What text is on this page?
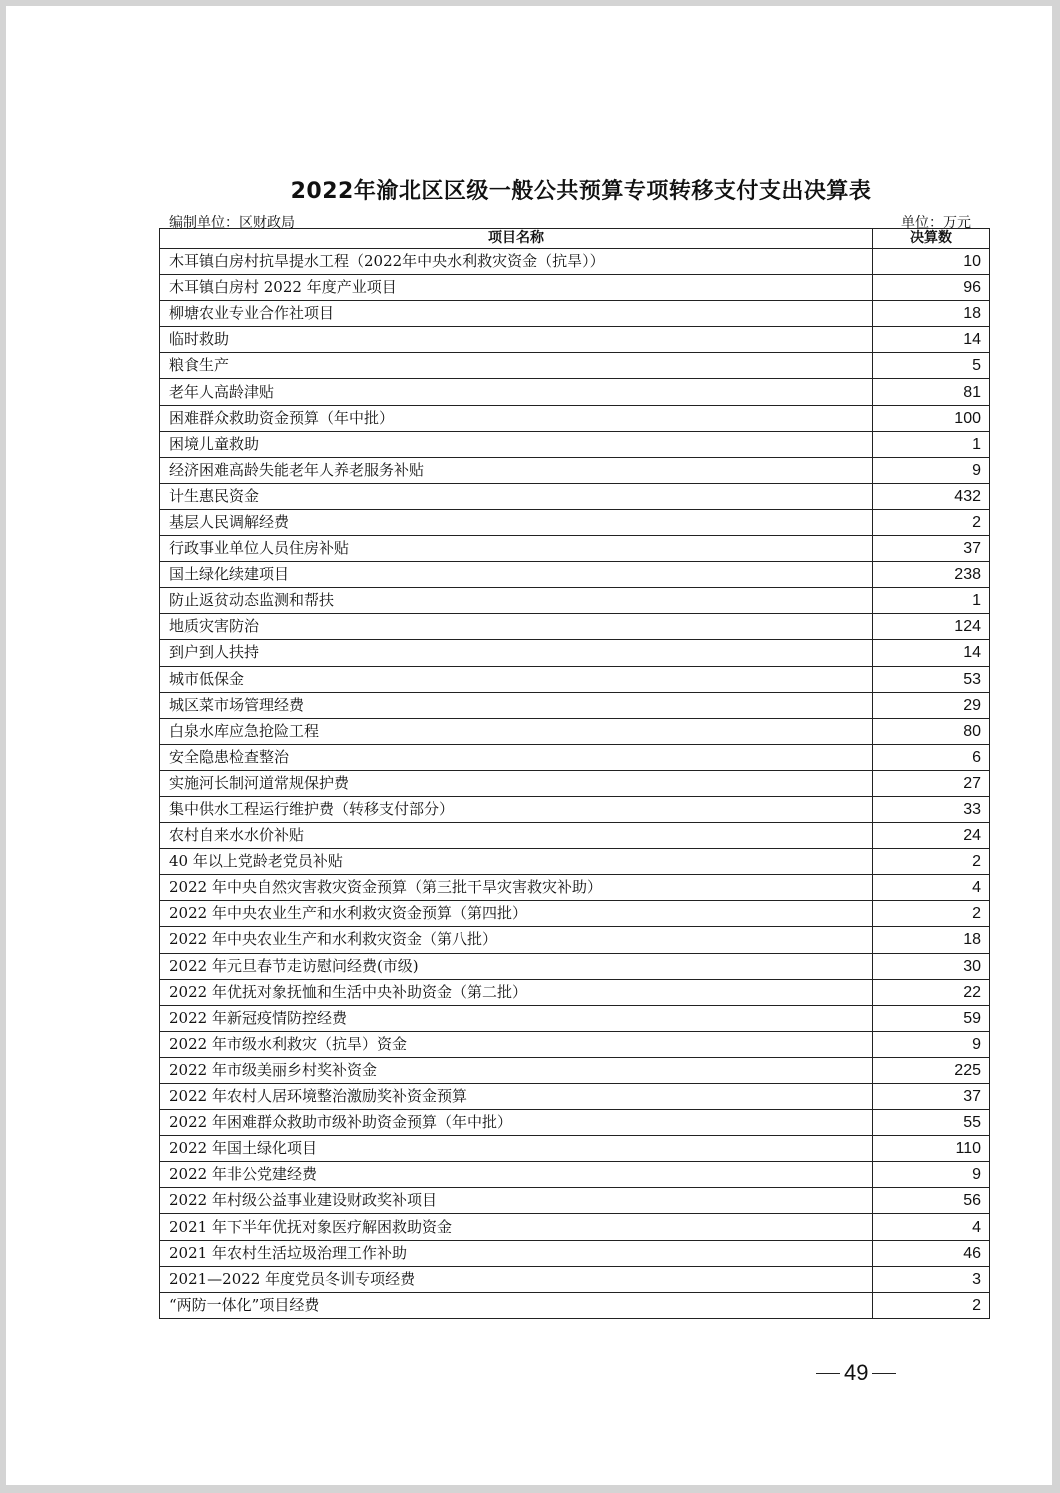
2022年渝北区区级一般公共预算专项转移支付支出决算表
编制单位：区财政局	单位：万元
项目名称	决算数
木耳镇白房村抗旱提水工程（2022年中央水利救灾资金（抗旱））	10
木耳镇白房村 2022 年度产业项目	96
柳塘农业专业合作社项目	18
临时救助	14
粮食生产	5
老年人高龄津贴	81
困难群众救助资金预算（年中批）	100
困境儿童救助	1
经济困难高龄失能老年人养老服务补贴	9
计生惠民资金	432
基层人民调解经费	2
行政事业单位人员住房补贴	37
国土绿化续建项目	238
防止返贫动态监测和帮扶	1
地质灾害防治	124
到户到人扶持	14
城市低保金	53
城区菜市场管理经费	29
白泉水库应急抢险工程	80
安全隐患检查整治	6
实施河长制河道常规保护费	27
集中供水工程运行维护费（转移支付部分）	33
农村自来水水价补贴	24
40 年以上党龄老党员补贴	2
2022 年中央自然灾害救灾资金预算（第三批干旱灾害救灾补助）	4
2022 年中央农业生产和水利救灾资金预算（第四批）	2
2022 年中央农业生产和水利救灾资金（第八批）	18
2022 年元旦春节走访慰问经费(市级)	30
2022 年优抚对象抚恤和生活中央补助资金（第二批）	22
2022 年新冠疫情防控经费	59
2022 年市级水利救灾（抗旱）资金	9
2022 年市级美丽乡村奖补资金	225
2022 年农村人居环境整治激励奖补资金预算	37
2022 年困难群众救助市级补助资金预算（年中批）	55
2022 年国土绿化项目	110
2022 年非公党建经费	9
2022 年村级公益事业建设财政奖补项目	56
2021 年下半年优抚对象医疗解困救助资金	4
2021 年农村生活垃圾治理工作补助	46
2021—2022 年度党员冬训专项经费	3
“两防一体化”项目经费	2
49
